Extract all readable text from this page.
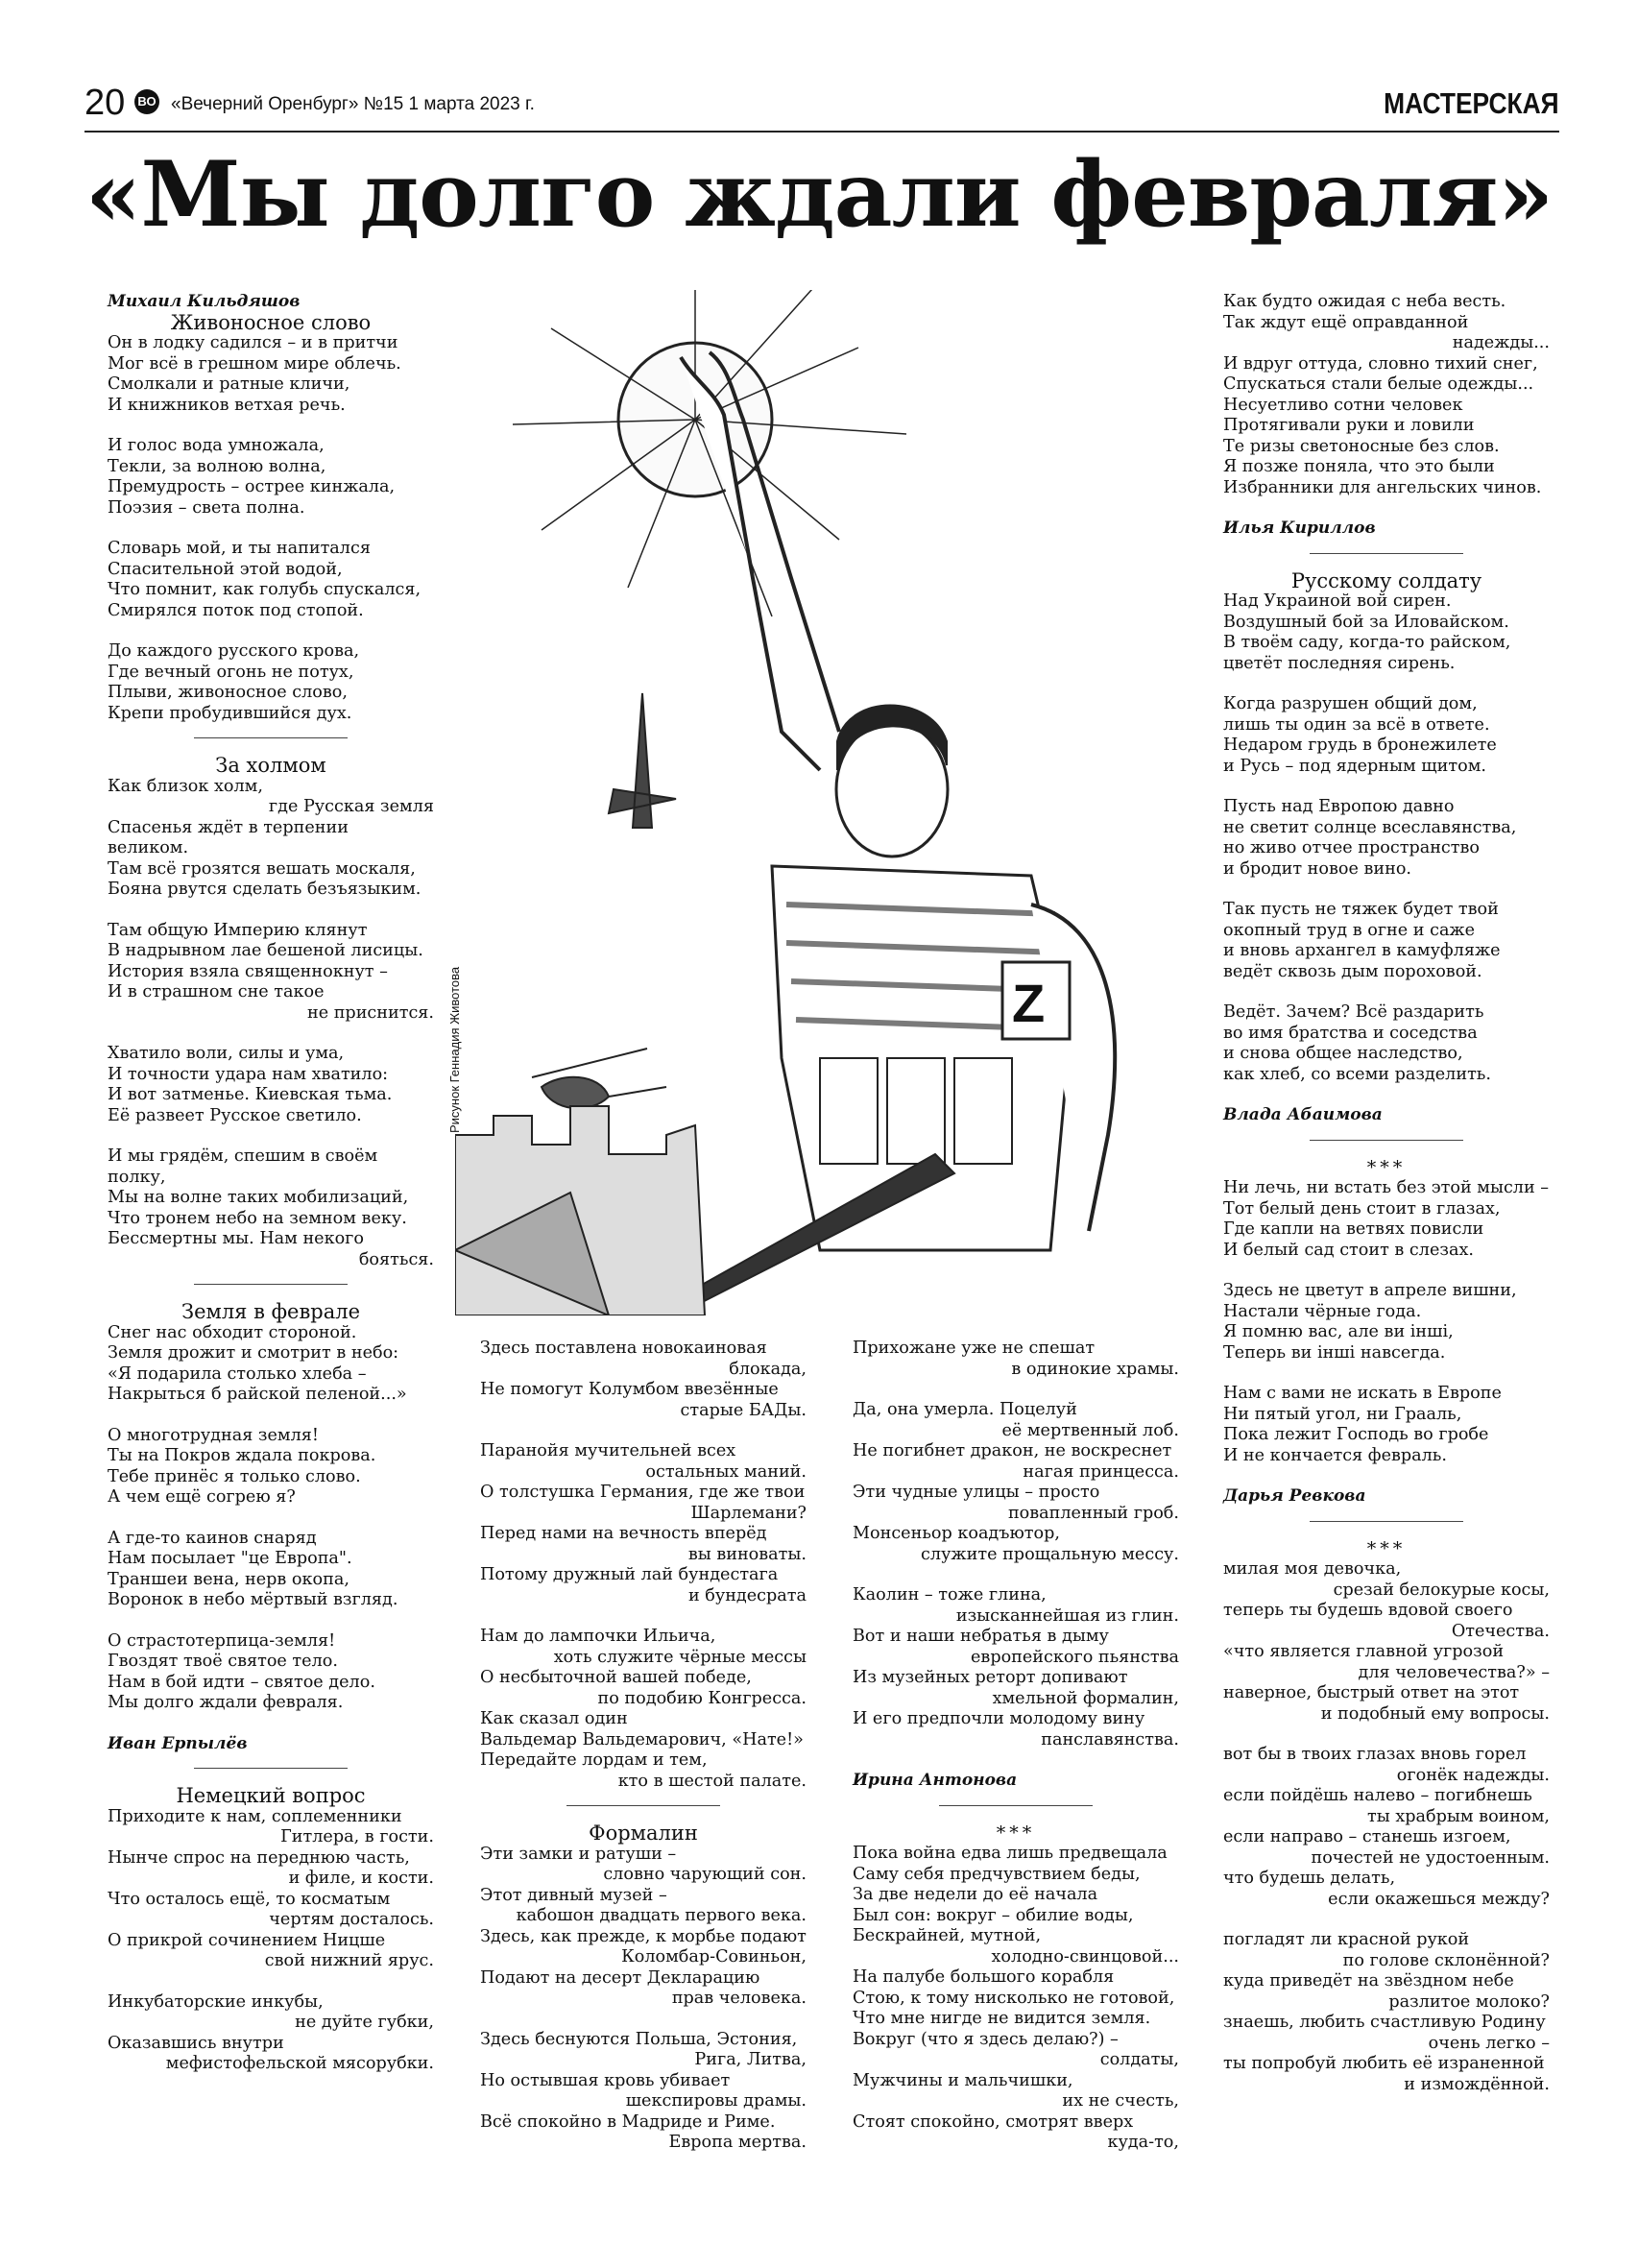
20 ВО «Вечерний Оренбург» №15 1 марта 2023 г.	МАСТЕРСКАЯ
«Мы долго ждали февраля»
Z
Рисунок Геннадия Животова

Михаил Кильдяшов

Живоносное слово

Он в лодку садился – и в притчи

Мог всё в грешном мире облечь.

Смолкали и ратные кличи,

И книжников ветхая речь.

И голос вода умножала,

Текли, за волною волна,

Премудрость – острее кинжала,

Поэзия – света полна.

Словарь мой, и ты напитался

Спасительной этой водой,

Что помнит, как голубь спускался,

Смирялся поток под стопой.

До каждого русского крова,

Где вечный огонь не потух,

Плыви, живоносное слово,

Крепи пробудившийся дух.

За холмом

Как близок холм,

где Русская земля

Спасенья ждёт в терпении великом.

Там всё грозятся вешать москаля,

Бояна рвутся сделать безъязыким.

Там общую Империю клянут

В надрывном лае бешеной лисицы.

История взяла священнокнут –

И в страшном сне такое

не приснится.

Хватило воли, силы и ума,

И точности удара нам хватило:

И вот затменье. Киевская тьма.

Её развеет Русское светило.

И мы грядём, спешим в своём полку,

Мы на волне таких мобилизаций,

Что тронем небо на земном веку.

Бессмертны мы. Нам некого

бояться.

Земля в феврале

Снег нас обходит стороной.

Земля дрожит и смотрит в небо:

«Я подарила столько хлеба –

Накрыться б райской пеленой...»

О многотрудная земля!

Ты на Покров ждала покрова.

Тебе принёс я только слово.

А чем ещё согрею я?

А где-то каинов снаряд

Нам посылает "це Европа".

Траншеи вена, нерв окопа,

Воронок в небо мёртвый взгляд.

О страстотерпица-земля!

Гвоздят твоё святое тело.

Нам в бой идти – святое дело.

Мы долго ждали февраля.

Иван Ерпылёв

Немецкий вопрос

Приходите к нам, соплеменники

Гитлера, в гости.

Нынче спрос на переднюю часть,

и филе, и кости.

Что осталось ещё, то косматым

чертям досталось.

О прикрой сочинением Ницше

свой нижний ярус.

Инкубаторские инкубы,

не дуйте губки,

Оказавшись внутри

мефистофельской мясорубки.

Здесь поставлена новокаиновая

блокада,

Не помогут Колумбом ввезённые

старые БАДы.

Паранойя мучительней всех

остальных маний.

О толстушка Германия, где же твои

Шарлемани?

Перед нами на вечность вперёд

вы виноваты.

Потому дружный лай бундестага

и бундесрата

Нам до лампочки Ильича,

хоть служите чёрные мессы

О несбыточной вашей победе,

по подобию Конгресса.

Как сказал один

Вальдемар Вальдемарович, «Нате!»

Передайте лордам и тем,

кто в шестой палате.

Формалин

Эти замки и ратуши –

словно чарующий сон.

Этот дивный музей –

кабошон двадцать первого века.

Здесь, как прежде, к морбье подают

Коломбар-Совиньон,

Подают на десерт Декларацию

прав человека.

Здесь беснуются Польша, Эстония,

Рига, Литва,

Но остывшая кровь убивает

шекспировы драмы.

Всё спокойно в Мадриде и Риме.

Европа мертва.

Прихожане уже не спешат

в одинокие храмы.

Да, она умерла. Поцелуй

её мертвенный лоб.

Не погибнет дракон, не воскреснет

нагая принцесса.

Эти чудные улицы – просто

повапленный гроб.

Монсеньор коадъютор,

служите прощальную мессу.

Каолин – тоже глина,

изысканнейшая из глин.

Вот и наши небратья в дыму

европейского пьянства

Из музейных реторт допивают

хмельной формалин,

И его предпочли молодому вину

панславянства.

Ирина Антонова

***

Пока война едва лишь предвещала

Саму себя предчувствием беды,

За две недели до её начала

Был сон: вокруг – обилие воды,

Бескрайней, мутной,

холодно-свинцовой...

На палубе большого корабля

Стою, к тому нисколько не готовой,

Что мне нигде не видится земля.

Вокруг (что я здесь делаю?) –

солдаты,

Мужчины и мальчишки,

их не счесть,

Стоят спокойно, смотрят вверх

куда-то,

Как будто ожидая с неба весть.

Так ждут ещё оправданной

надежды...

И вдруг оттуда, словно тихий снег,

Спускаться стали белые одежды...

Несуетливо сотни человек

Протягивали руки и ловили

Те ризы светоносные без слов.

Я позже поняла, что это были

Избранники для ангельских чинов.

Илья Кириллов

Русскому солдату

Над Украиной вой сирен.

Воздушный бой за Иловайском.

В твоём саду, когда-то райском,

цветёт последняя сирень.

Когда разрушен общий дом,

лишь ты один за всё в ответе.

Недаром грудь в бронежилете

и Русь – под ядерным щитом.

Пусть над Европою давно

не светит солнце всеславянства,

но живо отчее пространство

и бродит новое вино.

Так пусть не тяжек будет твой

окопный труд в огне и саже

и вновь архангел в камуфляже

ведёт сквозь дым пороховой.

Ведёт. Зачем? Всё раздарить

во имя братства и соседства

и снова общее наследство,

как хлеб, со всеми разделить.

Влада Абаимова

***

Ни лечь, ни встать без этой мысли –

Тот белый день стоит в глазах,

Где капли на ветвях повисли

И белый сад стоит в слезах.

Здесь не цветут в апреле вишни,

Настали чёрные года.

Я помню вас, але ви інші,

Теперь ви інші навсегда.

Нам с вами не искать в Европе

Ни пятый угол, ни Грааль,

Пока лежит Господь во гробе

И не кончается февраль.

Дарья Ревкова

***

милая моя девочка,

срезай белокурые косы,

теперь ты будешь вдовой своего

Отечества.

«что является главной угрозой

для человечества?» –

наверное, быстрый ответ на этот

и подобный ему вопросы.

вот бы в твоих глазах вновь горел

огонёк надежды.

если пойдёшь налево – погибнешь

ты храбрым воином,

если направо – станешь изгоем,

почестей не удостоенным.

что будешь делать,

если окажешься между?

погладят ли красной рукой

по голове склонённой?

куда приведёт на звёздном небе

разлитое молоко?

знаешь, любить счастливую Родину

очень легко –

ты попробуй любить её израненной

и измождённой.
